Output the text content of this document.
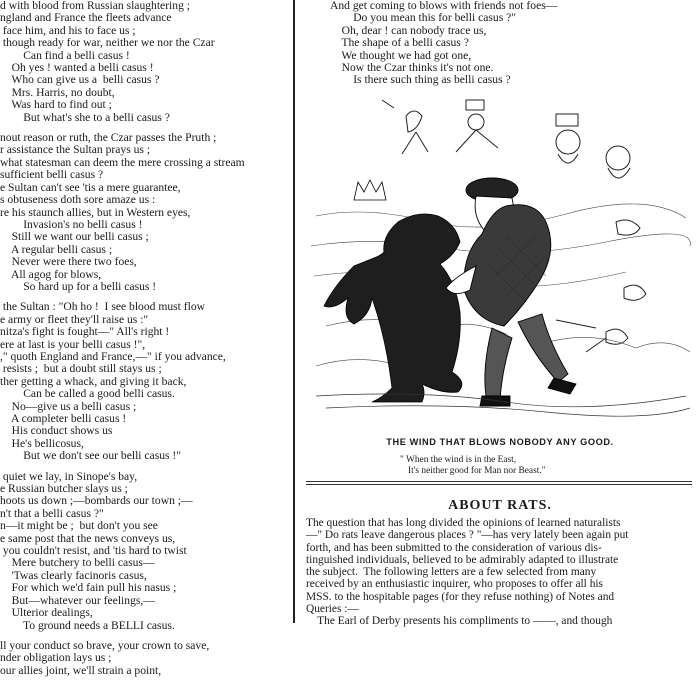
d with blood from Russian slaughtering ;
ngland and France the fleets advance
face him, and his to face us ;
though ready for war, neither we nor the Czar
Can find a belli casus !
Oh yes ! wanted a belli casus !
Who can give us a  belli casus ?
Mrs. Harris, no doubt,
Was hard to find out ;
But what's she to a belli casus ?
nout reason or ruth, the Czar passes the Pruth ;
r assistance the Sultan prays us ;
what statesman can deem the mere crossing a stream
sufficient belli casus ?
e Sultan can't see 'tis a mere guarantee,
s obtuseness doth sore amaze us :
re his staunch allies, but in Western eyes,
Invasion's no belli casus !
Still we want our belli casus ;
A regular belli casus ;
Never were there two foes,
All agog for blows,
So hard up for a belli casus !
the Sultan : "Oh ho !  I see blood must flow
e army or fleet they'll raise us :"
nitza's fight is fought—" All's right !
ere at last is your belli casus !",
," quoth England and France,—" if you advance,
resists ;  but a doubt still stays us ;
ther getting a whack, and giving it back,
Can be called a good belli casus.
No—give us a belli casus ;
A completer belli casus !
His conduct shows us
He's bellicosus,
But we don't see our belli casus !"
quiet we lay, in Sinope's bay,
e Russian butcher slays us ;
hoots us down ;—bombards our town ;—
n't that a belli casus ?"
n—it might be ;  but don't you see
e same post that the news conveys us,
you couldn't resist, and 'tis hard to twist
Mere butchery to belli casus—
'Twas clearly facinoris casus,
For which we'd fain pull his nasus ;
But—whatever our feelings,—
Ulterior dealings,
To ground needs a BELLI casus.
ll your conduct so brave, your crown to save,
nder obligation lays us ;
our allies joint, we'll strain a point,
And get coming to blows with friends not foes—
Do you mean this for belli casus ?"
Oh, dear ! can nobody trace us,
The shape of a belli casus ?
We thought we had got one,
Now the Czar thinks it's not one.
Is there such thing as belli casus ?
THE WIND THAT BLOWS NOBODY ANY GOOD.
" When the wind is in the East,
It's neither good for Man nor Beast."
ABOUT RATS.
The question that has long divided the opinions of learned naturalists
—" Do rats leave dangerous places ? "—has very lately been again put
forth, and has been submitted to the consideration of various dis-
tinguished individuals, believed to be admirably adapted to illustrate
the subject.  The following letters are a few selected from many
received by an enthusiastic inquirer, who proposes to offer all his
MSS. to the hospitable pages (for they refuse nothing) of Notes and
Queries :—
The Earl of Derby presents his compliments to ——, and though
